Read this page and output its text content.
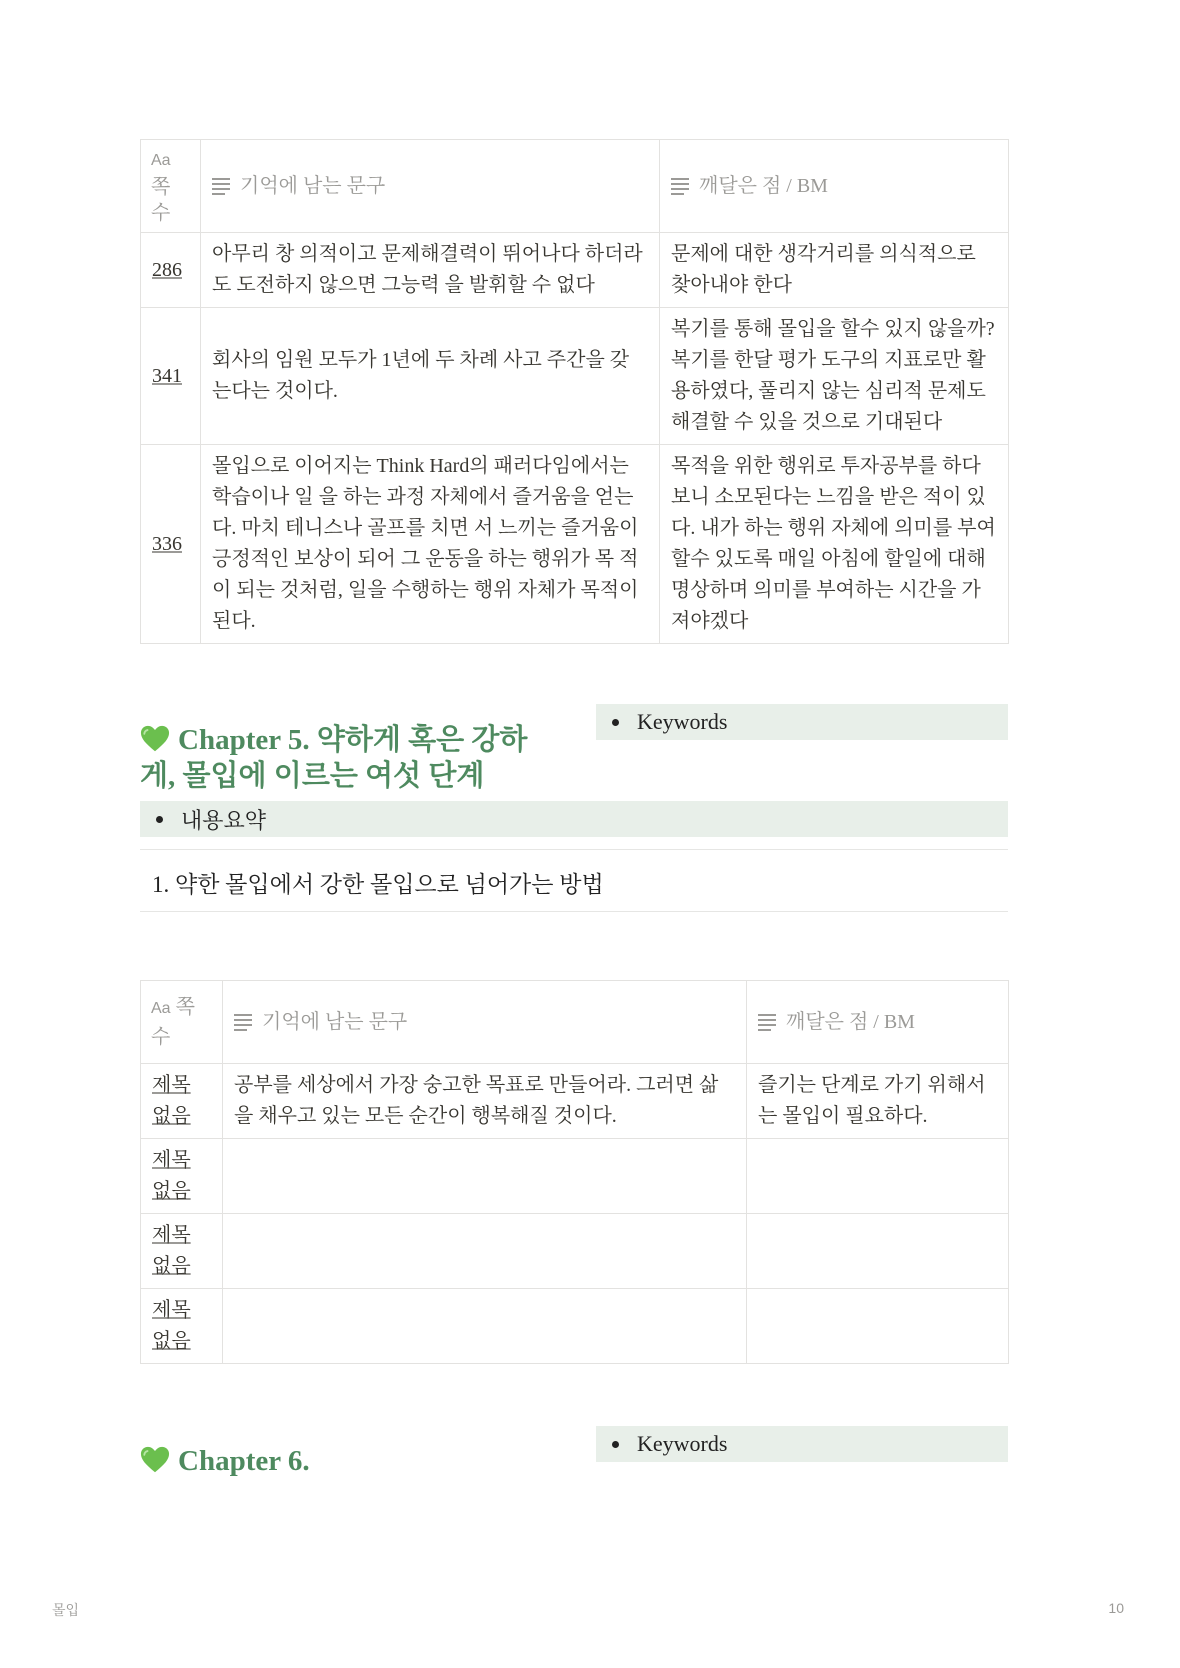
Aa
쪽수	기억에 남는 문구	깨달은 점 / BM
286	아무리 창 의적이고 문제해결력이 뛰어나다 하더라도 도전하지 않으면 그능력 을 발휘할 수 없다	문제에 대한 생각거리를 의식적으로 찾아내야 한다
341	회사의 임원 모두가 1년에 두 차례 사고 주간을 갖는다는 것이다.	복기를 통해 몰입을 할수 있지 않을까? 복기를 한달 평가 도구의 지표로만 활용하였다, 풀리지 않는 심리적 문제도 해결할 수 있을 것으로 기대된다
336	몰입으로 이어지는 Think Hard의 패러다임에서는 학습이나 일 을 하는 과정 자체에서 즐거움을 얻는다. 마치 테니스나 골프를 치면 서 느끼는 즐거움이 긍정적인 보상이 되어 그 운동을 하는 행위가 목 적이 되는 것처럼, 일을 수행하는 행위 자체가 목적이 된다.	목적을 위한 행위로 투자공부를 하다보니 소모된다는 느낌을 받은 적이 있다. 내가 하는 행위 자체에 의미를 부여할수 있도록 매일 아침에 할일에 대해 명상하며 의미를 부여하는 시간을 가져야겠다
Chapter 5. 약하게 혹은 강하
게, 몰입에 이르는 여섯 단계
Keywords
내용요약
1. 약한 몰입에서 강한 몰입으로 넘어가는 방법
Aa 쪽수	기억에 남는 문구	깨달은 점 / BM
제목 없음	공부를 세상에서 가장 숭고한 목표로 만들어라. 그러면 삶을 채우고 있는 모든 순간이 행복해질 것이다.	즐기는 단계로 가기 위해서는 몰입이 필요하다.
제목 없음		
제목 없음		
제목 없음		
Chapter 6.
Keywords
몰입	10
